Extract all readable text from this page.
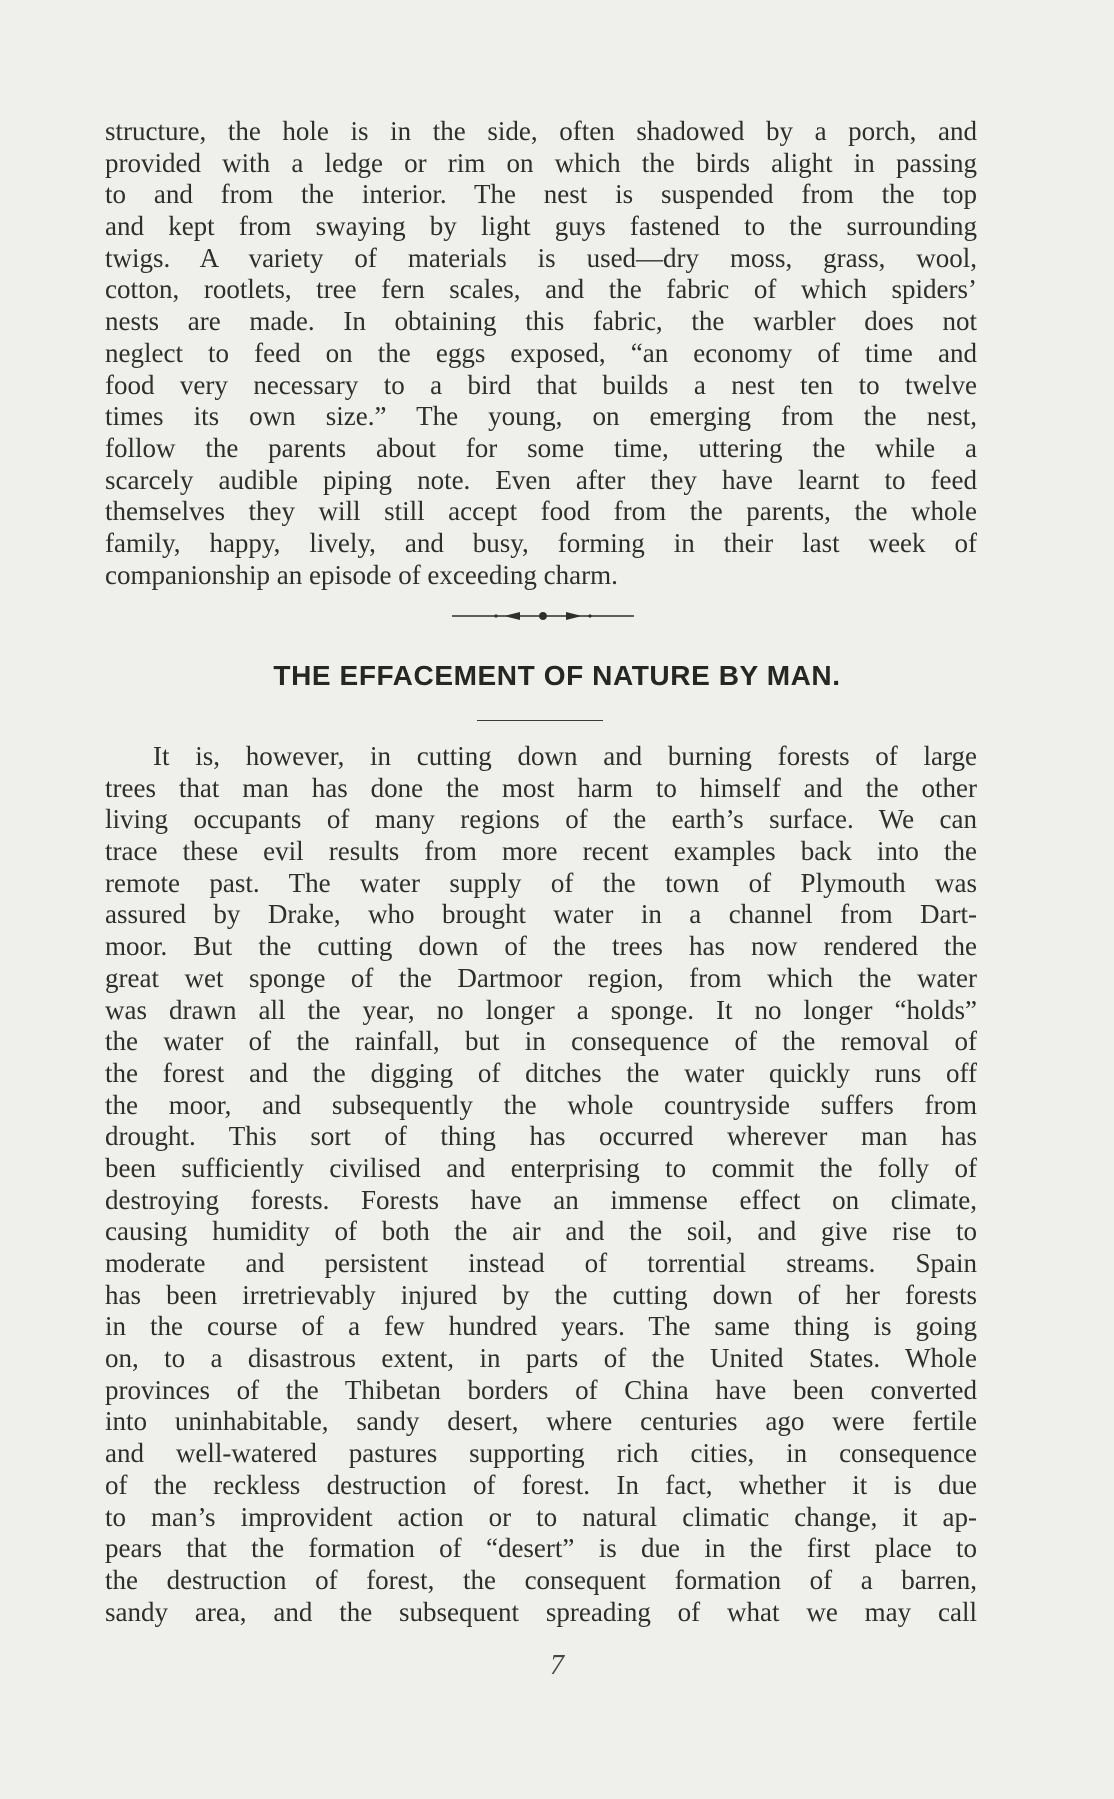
structure, the hole is in the side, often shadowed by a porch, and
provided with a ledge or rim on which the birds alight in passing
to and from the interior. The nest is suspended from the top
and kept from swaying by light guys fastened to the surrounding
twigs. A variety of materials is used—dry moss, grass, wool,
cotton, rootlets, tree fern scales, and the fabric of which spiders’
nests are made. In obtaining this fabric, the warbler does not
neglect to feed on the eggs exposed, “an economy of time and
food very necessary to a bird that builds a nest ten to twelve
times its own size.” The young, on emerging from the nest,
follow the parents about for some time, uttering the while a
scarcely audible piping note. Even after they have learnt to feed
themselves they will still accept food from the parents, the whole
family, happy, lively, and busy, forming in their last week of
companionship an episode of exceeding charm.
THE EFFACEMENT OF NATURE BY MAN.
It is, however, in cutting down and burning forests of large
trees that man has done the most harm to himself and the other
living occupants of many regions of the earth’s surface. We can
trace these evil results from more recent examples back into the
remote past. The water supply of the town of Plymouth was
assured by Drake, who brought water in a channel from Dart-
moor. But the cutting down of the trees has now rendered the
great wet sponge of the Dartmoor region, from which the water
was drawn all the year, no longer a sponge. It no longer “holds”
the water of the rainfall, but in consequence of the removal of
the forest and the digging of ditches the water quickly runs off
the moor, and subsequently the whole countryside suffers from
drought. This sort of thing has occurred wherever man has
been sufficiently civilised and enterprising to commit the folly of
destroying forests. Forests have an immense effect on climate,
causing humidity of both the air and the soil, and give rise to
moderate and persistent instead of torrential streams. Spain
has been irretrievably injured by the cutting down of her forests
in the course of a few hundred years. The same thing is going
on, to a disastrous extent, in parts of the United States. Whole
provinces of the Thibetan borders of China have been converted
into uninhabitable, sandy desert, where centuries ago were fertile
and well-watered pastures supporting rich cities, in consequence
of the reckless destruction of forest. In fact, whether it is due
to man’s improvident action or to natural climatic change, it ap-
pears that the formation of “desert” is due in the first place to
the destruction of forest, the consequent formation of a barren,
sandy area, and the subsequent spreading of what we may call
7
